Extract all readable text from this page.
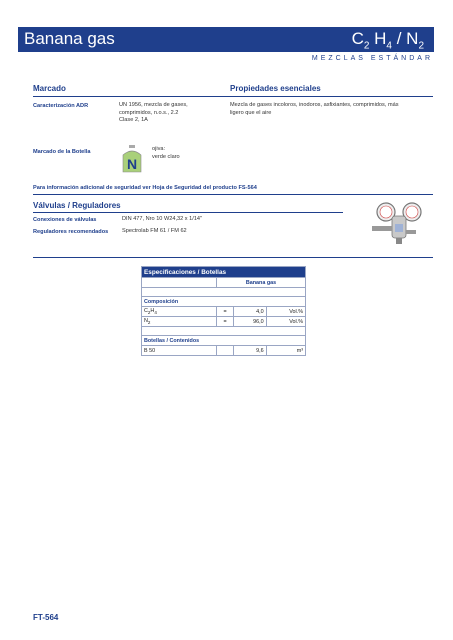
Banana gas	$C_2$ $H_4 / N_2$
MEZCLAS ESTÁNDAR
Marcado
Caracterización ADR	UN 1956, mezcla de gases,
comprimidos, n.o.s., 2.2
Clase 2, 1A
Propiedades esenciales
Mezcla de gases incoloros, inodoros, asfixiantes, comprimidos, más
ligero que el aire
Marcado de la Botella
N
ojiva:
verde claro
Para información adicional de seguridad ver Hoja de Seguridad del producto FS-564
Válvulas / Reguladores
Conexiones de válvulas	DIN 477, Nro 10 W24,32 x 1/14"
Reguladores recomendados Spectrolab FM 61 / FM 62
Especificaciones / Botellas			
	Banana gas		

Composición			
$C_2H_4$	=	4,0	Vol.%
$N_2$	=	96,0	Vol.%

Botellas / Contenidos			
B 50		9,6	m³
FT-564
